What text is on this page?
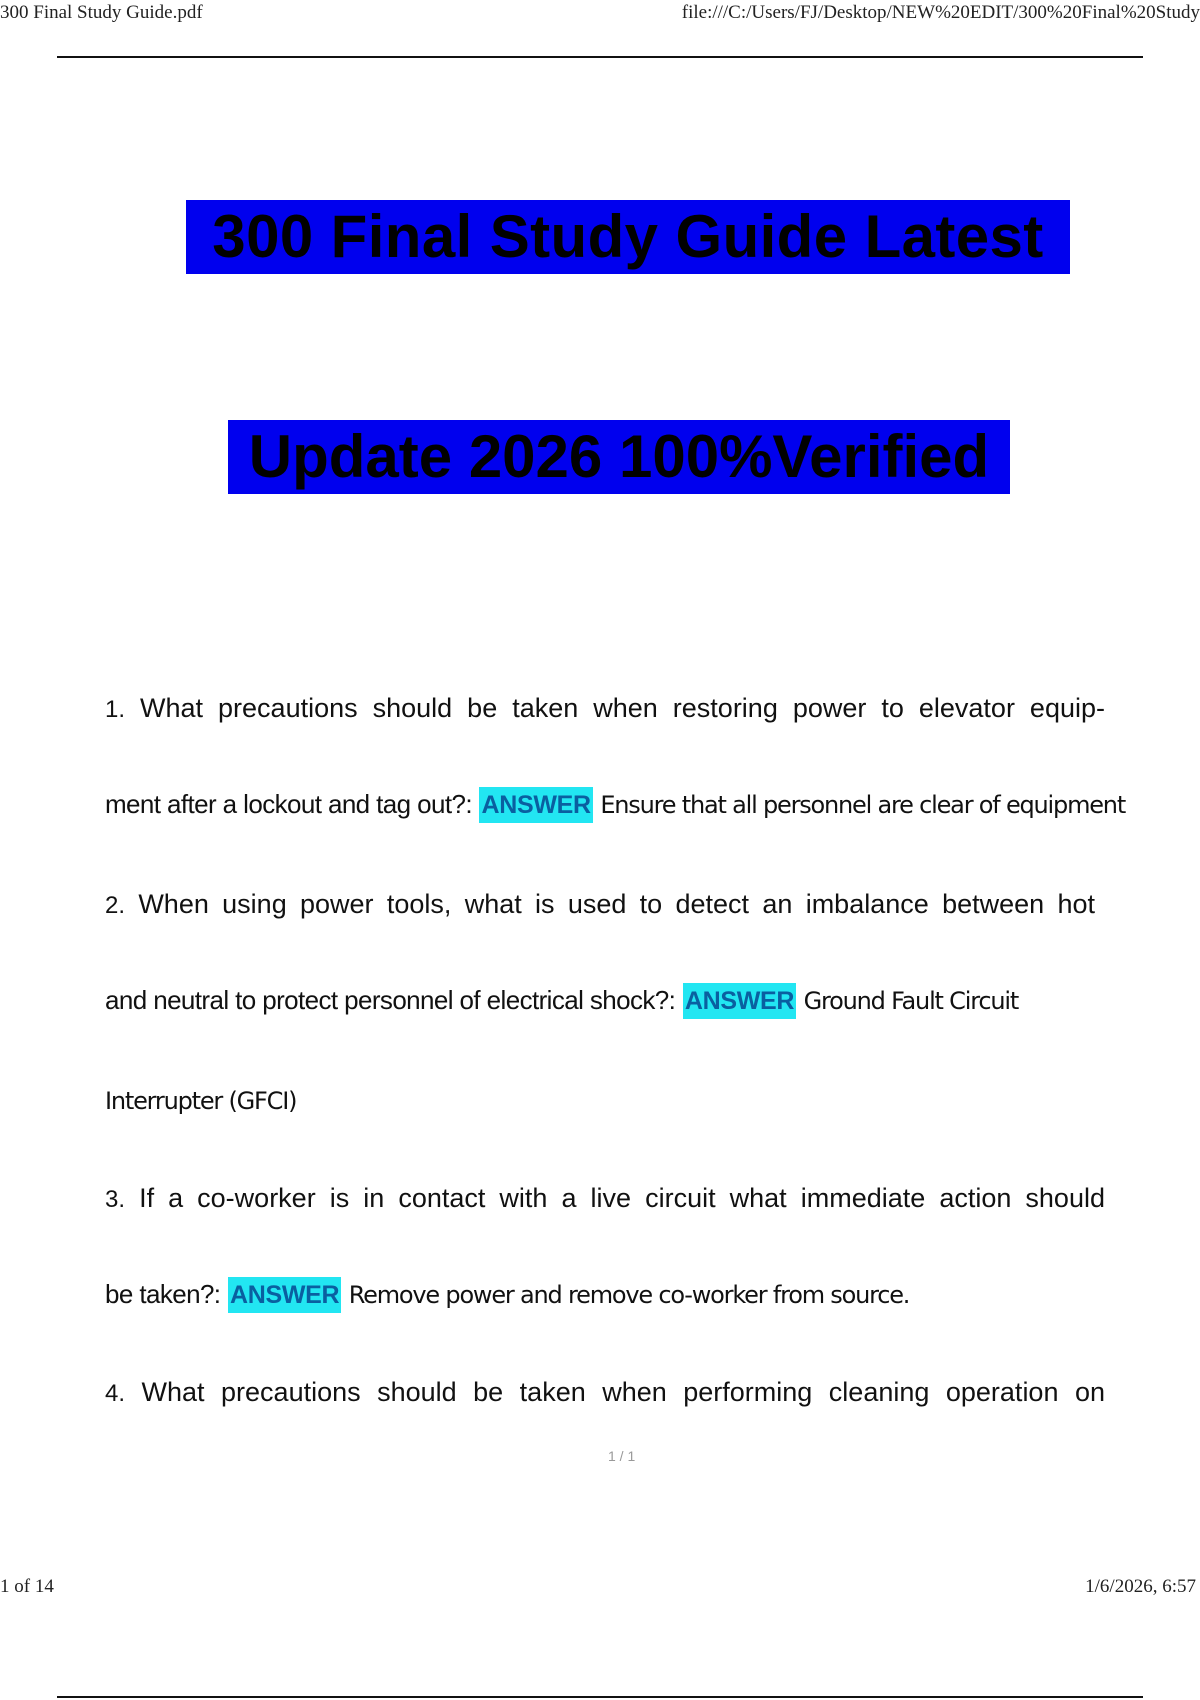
300 Final Study Guide.pdf	file:///C:/Users/FJ/Desktop/NEW%20EDIT/300%20Final%20Study
300 Final Study Guide Latest
Update 2026 100%Verified
1. What precautions should be taken when restoring power to elevator equip-
ment after a lockout and tag out?: ANSWER Ensure that all personnel are clear of equipment
2. When using power tools, what is used to detect an imbalance between hot
and neutral to protect personnel of electrical shock?: ANSWER Ground Fault Circuit
Interrupter (GFCI)
3. If a co-worker is in contact with a live circuit what immediate action should
be taken?: ANSWER Remove power and remove co-worker from source.
4. What precautions should be taken when performing cleaning operation on
1 / 1
1 of 14	1/6/2026, 6:57
